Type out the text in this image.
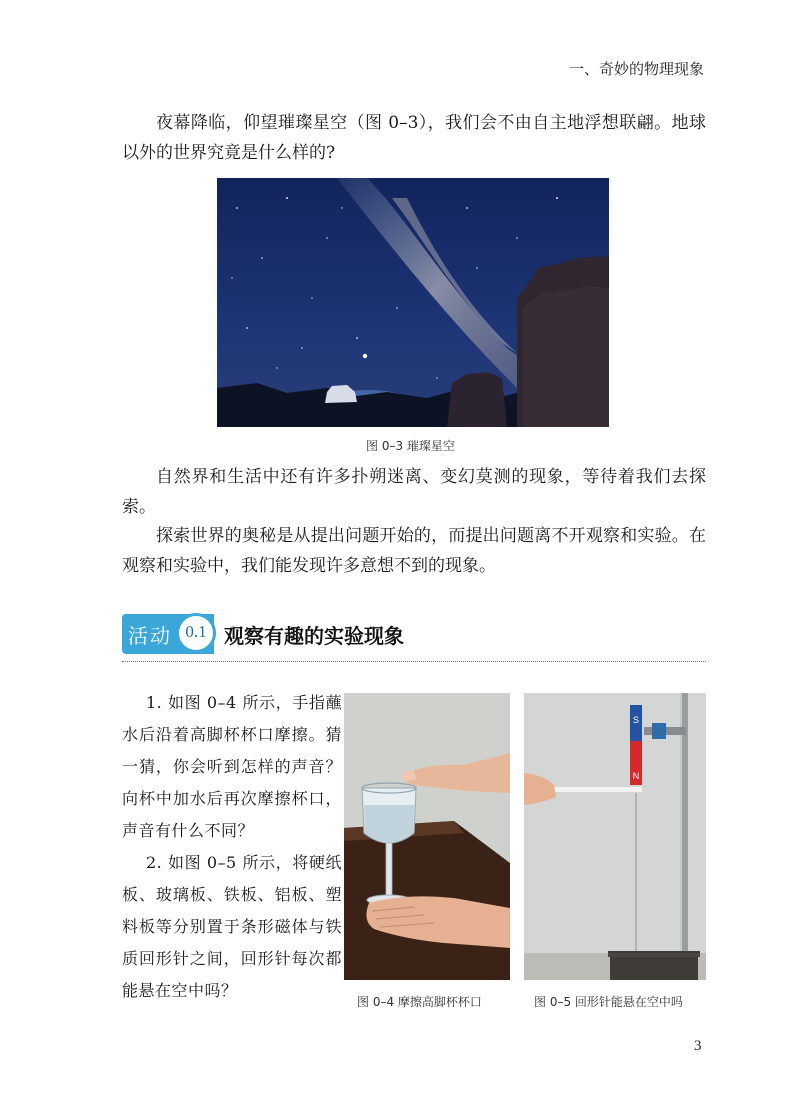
一、奇妙的物理现象

夜幕降临，仰望璀璨星空（图 0–3），我们会不由自主地浮想联翩。地球以外的世界究竟是什么样的?

图 0–3 璀璨星空

自然界和生活中还有许多扑朔迷离、变幻莫测的现象，等待着我们去探索。

探索世界的奥秘是从提出问题开始的，而提出问题离不开观察和实验。在观察和实验中，我们能发现许多意想不到的现象。

活动 0.1 观察有趣的实验现象

1. 如图 0–4 所示，手指蘸水后沿着高脚杯杯口摩擦。猜一猜，你会听到怎样的声音？向杯中加水后再次摩擦杯口，声音有什么不同？

2. 如图 0–5 所示，将硬纸板、玻璃板、铁板、铝板、塑料板等分别置于条形磁体与铁质回形针之间，回形针每次都能悬在空中吗？

S
N
图 0–4 摩擦高脚杯杯口	图 0–5 回形针能悬在空中吗
3
